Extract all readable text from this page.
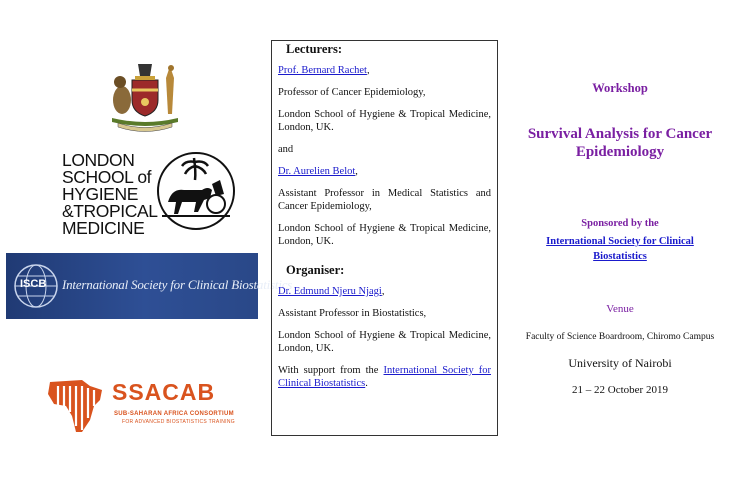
LONDON
SCHOOL of
HYGIENE
&TROPICAL
MEDICINE
ISCB International Society for Clinical Biostatistics
SSACAB
SUB-SAHARAN AFRICA CONSORTIUM
FOR ADVANCED BIOSTATISTICS TRAINING
Lecturers:

Prof. Bernard Rachet,

Professor of Cancer Epidemiology,

London School of Hygiene & Tropical Medicine, London, UK.

and

Dr. Aurelien Belot,

Assistant Professor in Medical Statistics and Cancer Epidemiology,

London School of Hygiene & Tropical Medicine, London, UK.

Organiser:

Dr. Edmund Njeru Njagi,

Assistant Professor in Biostatistics,

London School of Hygiene & Tropical Medicine, London, UK.

With support from the International Society for Clinical Biostatistics.

Workshop
Survival Analysis for Cancer Epidemiology
Sponsored by the
International Society for Clinical Biostatistics
Venue
Faculty of Science Boardroom, Chiromo Campus
University of Nairobi
21 – 22 October 2019
